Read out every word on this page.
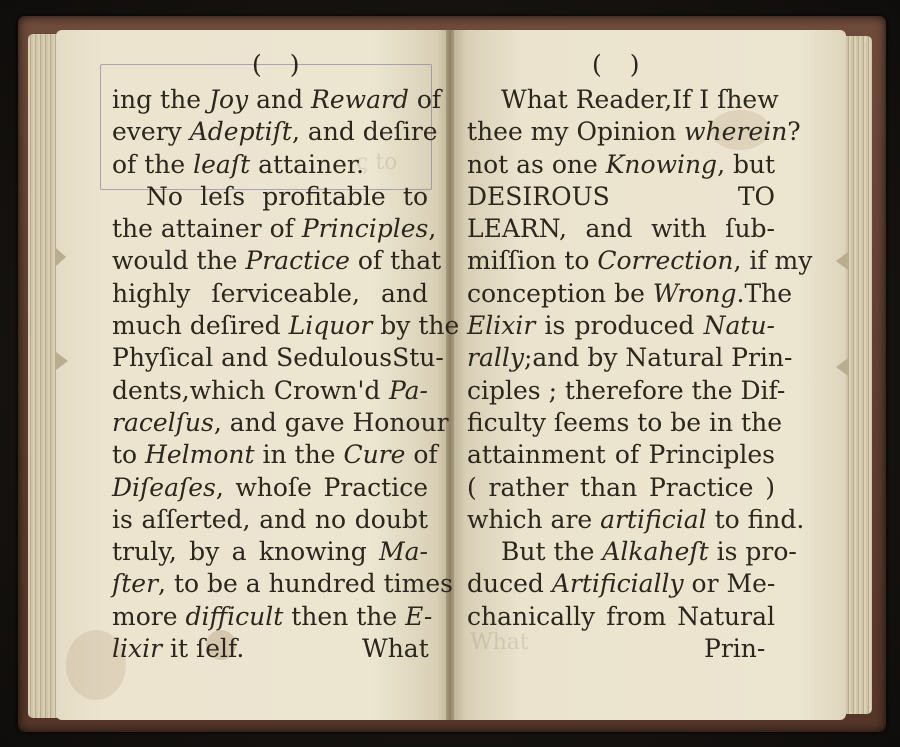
ς to
What
( )	( )
ing the Joy and Reward of
every Adeptiſt, and deſire
of the leaſt attainer.
No leſs profitable to
the attainer of Principles,
would the Practice of that
highly ſerviceable, and
much deſired Liquor by the
Phyſical and SedulousStu-
dents,which Crown'd Pa-
racelſus, and gave Honour
to Helmont in the Cure of
Diſeaſes, whoſe Practice
is aſſerted, and no doubt
truly, by a knowing Ma-
ſter, to be a hundred times
more difficult then the E-
lixir it ſelf.
What Reader,If I ſhew
thee my Opinion wherein?
not as one Knowing, but
DESIROUS TO
LEARN, and with ſub-
miſſion to Correction, if my
conception be Wrong.The
Elixir is produced Natu-
rally;and by Natural Prin-
ciples ; therefore the Dif-
ficulty ſeems to be in the
attainment of Principles
( rather than Practice )
which are artificial to find.
But the Alkaheſt is pro-
duced Artificially or Me-
chanically from Natural
What	Prin-
